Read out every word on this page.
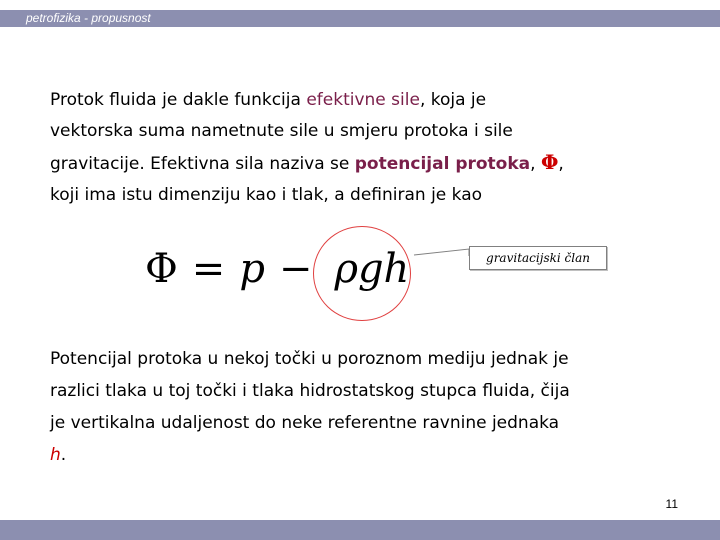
petrofizika - propusnost
Protok fluida je dakle funkcija efektivne sile, koja je
vektorska suma nametnute sile u smjeru protoka i sile
gravitacije. Efektivna sila naziva se potencijal protoka, Φ,
koji ima istu dimenziju kao i tlak, a definiran je kao
Φ = p − ρgh	gravitacijski član
Potencijal protoka u nekoj točki u poroznom mediju jednak je
razlici tlaka u toj točki i tlaka hidrostatskog stupca fluida, čija
je vertikalna udaljenost do neke referentne ravnine jednaka
h.
11
